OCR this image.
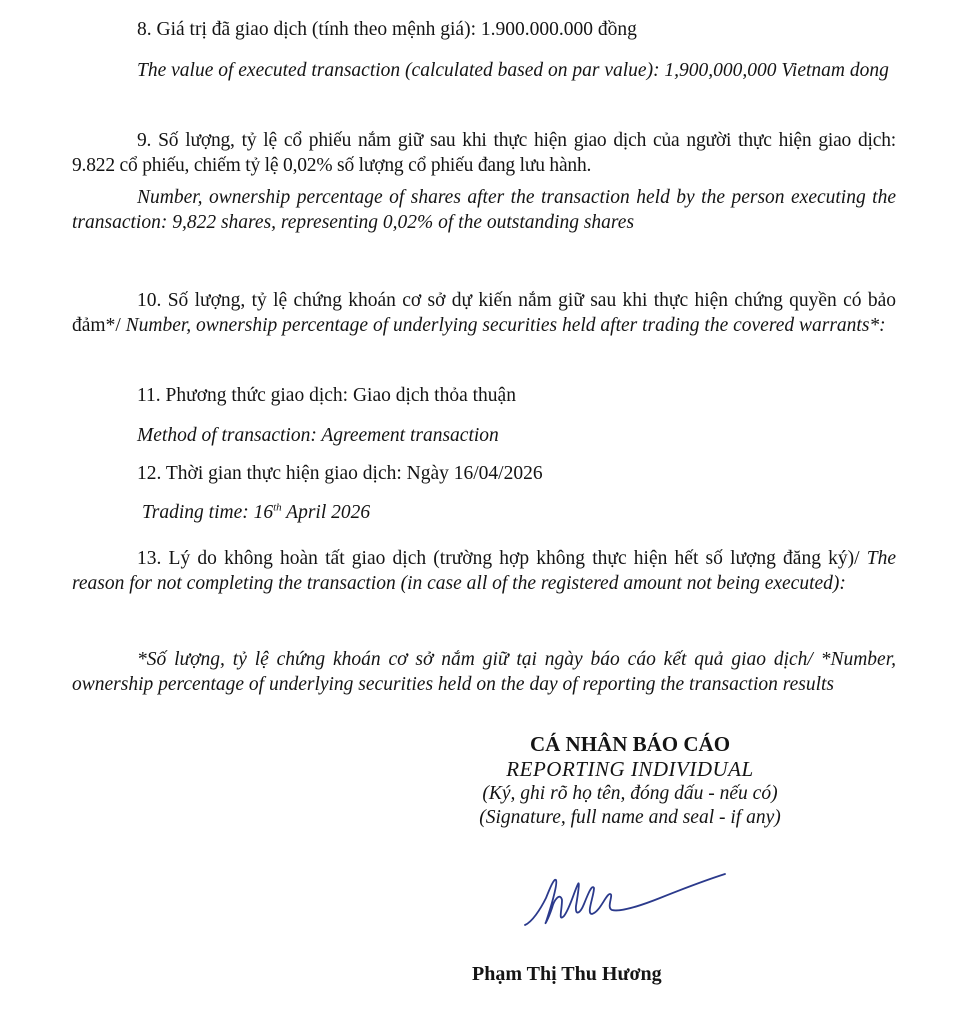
8. Giá trị đã giao dịch (tính theo mệnh giá): 1.900.000.000 đồng

The value of executed transaction (calculated based on par value): 1,900,000,000 Vietnam dong

9. Số lượng, tỷ lệ cổ phiếu nắm giữ sau khi thực hiện giao dịch của người thực hiện giao dịch: 9.822 cổ phiếu, chiếm tỷ lệ 0,02% số lượng cổ phiếu đang lưu hành.

Number, ownership percentage of shares after the transaction held by the person executing the transaction: 9,822 shares, representing 0,02% of the outstanding shares

10. Số lượng, tỷ lệ chứng khoán cơ sở dự kiến nắm giữ sau khi thực hiện chứng quyền có bảo đảm*/ Number, ownership percentage of underlying securities held after trading the covered warrants*:

11. Phương thức giao dịch: Giao dịch thỏa thuận

Method of transaction: Agreement transaction

12. Thời gian thực hiện giao dịch: Ngày 16/04/2026

Trading time: 16th April 2026

13. Lý do không hoàn tất giao dịch (trường hợp không thực hiện hết số lượng đăng ký)/ The reason for not completing the transaction (in case all of the registered amount not being executed):

*Số lượng, tỷ lệ chứng khoán cơ sở nắm giữ tại ngày báo cáo kết quả giao dịch/ *Number, ownership percentage of underlying securities held on the day of reporting the transaction results

CÁ NHÂN BÁO CÁO
REPORTING INDIVIDUAL
(Ký, ghi rõ họ tên, đóng dấu - nếu có)
(Signature, full name and seal - if any)
Phạm Thị Thu Hương
